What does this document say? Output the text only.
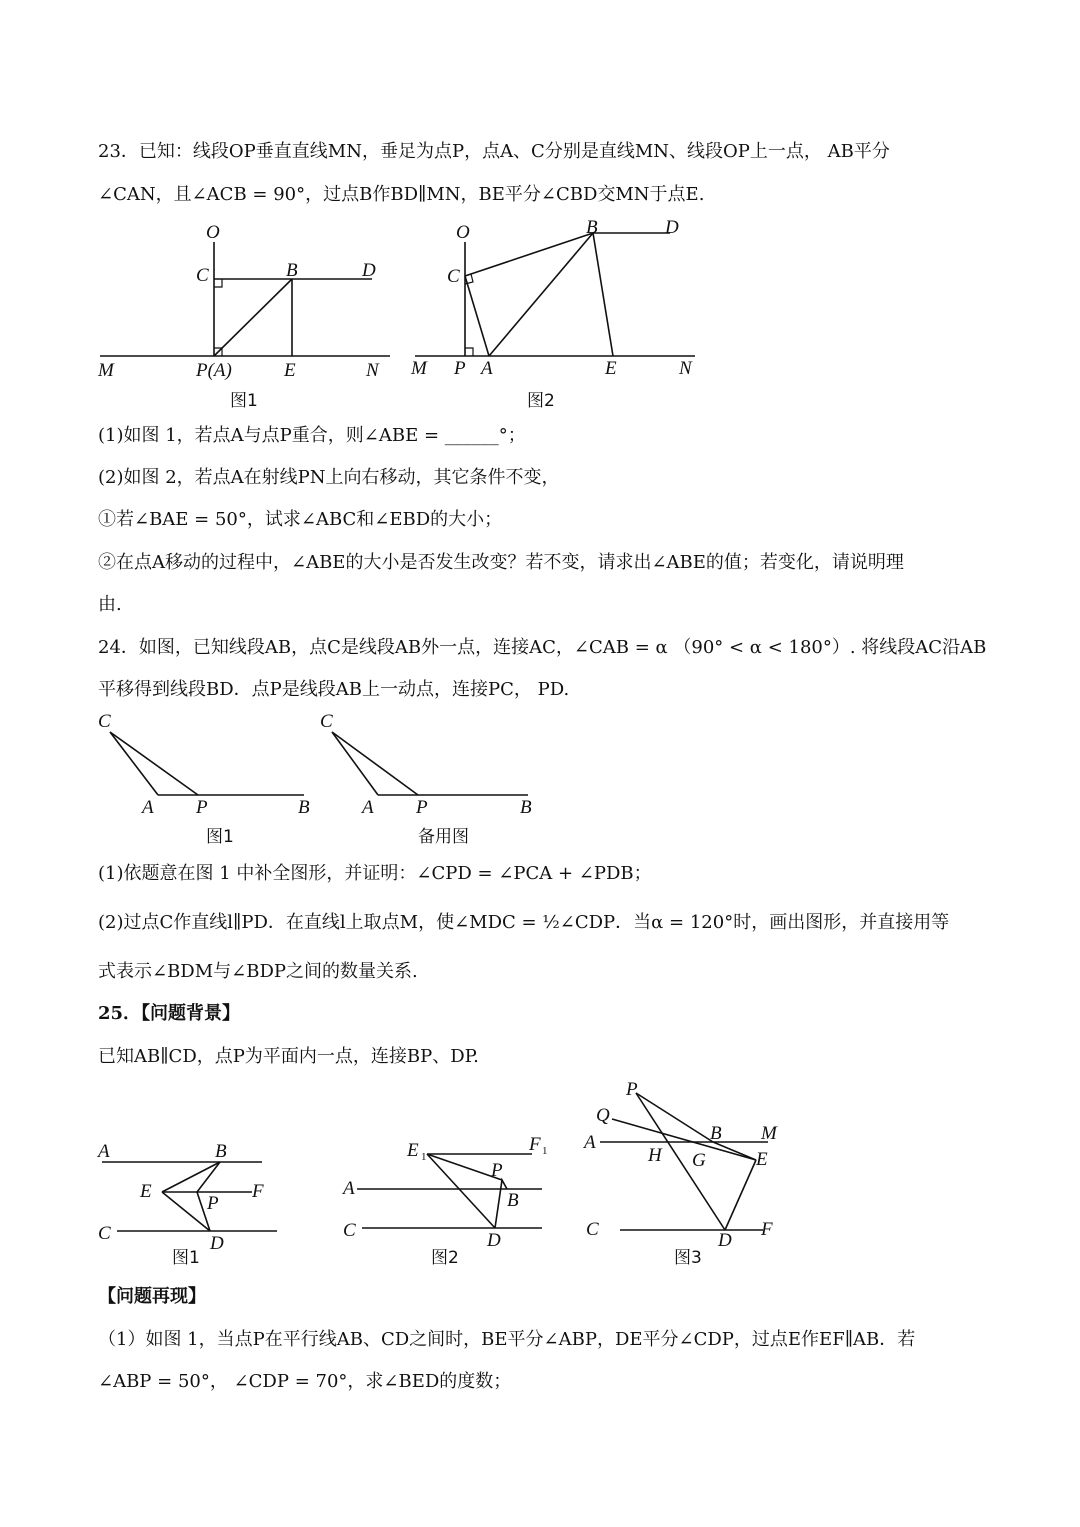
23．已知：线段OP垂直直线MN，垂足为点P，点A、C分别是直线MN、线段OP上一点， AB平分
∠CAN，且∠ACB = 90°，过点B作BD∥MN，BE平分∠CBD交MN于点E.
O
C	B	D
M	P(A)	E	N
图1
O
C
B	D
M P A	E	N
图2
(1)如图 1，若点A与点P重合，则∠ABE = ______°；
(2)如图 2，若点A在射线PN上向右移动，其它条件不变，
①若∠BAE = 50°，试求∠ABC和∠EBD的大小；
②在点A移动的过程中，∠ABE的大小是否发生改变？若不变，请求出∠ABE的值；若变化，请说明理
由.
24．如图，已知线段AB，点C是线段AB外一点，连接AC，∠CAB = α （90° < α < 180°）. 将线段AC沿AB
平移得到线段BD．点P是线段AB上一动点，连接PC， PD.
C
A P	B
图1
C
A P	B
备用图
(1)依题意在图 1 中补全图形，并证明：∠CPD = ∠PCA + ∠PDB；
(2)过点C作直线l∥PD．在直线l上取点M，使∠MDC = ½∠CDP．当α = 120°时，画出图形，并直接用等
式表示∠BDM与∠BDP之间的数量关系.
25．【问题背景】
已知AB∥CD，点P为平面内一点，连接BP、DP.
A	B
E
P
F
C	D
图1
E 1
F 1
P
A
B
C	D
图2
P
Q
A	B M
H G	E
C
D
F
图3
【问题再现】
（1）如图 1，当点P在平行线AB、CD之间时，BE平分∠ABP，DE平分∠CDP，过点E作EF∥AB．若
∠ABP = 50°， ∠CDP = 70°，求∠BED的度数；
